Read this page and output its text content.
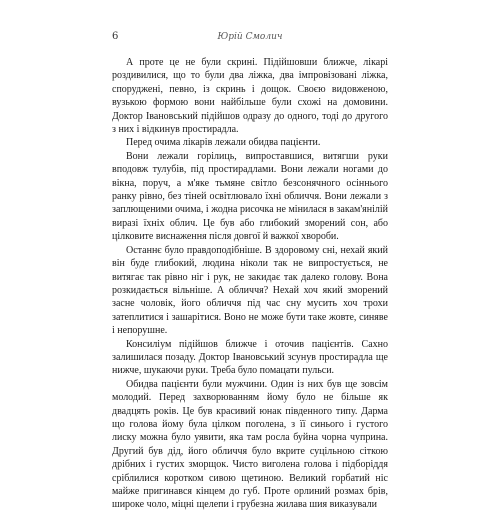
6	Юрій Смолич

А проте це не були скрині. Підійшовши ближче, лікарі роздивилися, що то були два ліжка, два імпровізовані ліжка, споруджені, певно, із скринь і дощок. Своєю видовженою, вузькою формою вони найбільше були схожі на домовини. Доктор Івановський підійшов одразу до одного, тоді до другого з них і відкинув простирадла.

Перед очима лікарів лежали обидва пацієнти.

Вони лежали горілиць, випроставшися, витягши руки вподовж тулубів, під простирадлами. Вони лежали ногами до вікна, поруч, а м'яке тьмяне світло безсонячного осіннього ранку рівно, без тіней освітлювало їхні обличчя. Вони лежали з заплющеними очима, і жодна рисочка не мінилася в закам'янілій виразі їхніх облич. Це був або глибокий зморений сон, або цілковите виснаження після довгої й важкої хвороби.

Останнє було правдоподібніше. В здоровому сні, нехай який він буде глибокий, людина ніколи так не випростується, не витягає так рівно ніг і рук, не закидає так далеко голову. Вона розкидається вільніше. А обличчя? Нехай хоч який зморений засне чоловік, його обличчя під час сну мусить хоч трохи затеплитися і зашарітися. Воно не може бути таке жовте, синяве і непорушне.

Консиліум підійшов ближче і оточив пацієнтів. Сахно залишилася позаду. Доктор Івановський зсунув простирадла ще нижче, шукаючи руки. Треба було помацати пульси.

Обидва пацієнти були мужчини. Один із них був ще зовсім молодий. Перед захворюванням йому було не більше як двадцять років. Це був красивий юнак південного типу. Дарма що голова йому була цілком поголена, з її синього і густого лиску можна було уявити, яка там росла буйна чорна чуприна. Другий був дід, його обличчя було вкрите суцільною сіткою дрібних і густих зморщок. Чисто виголена голова і підборіддя сріблилися коротком сивою щетиною. Великий горбатий ніс майже пригинався кінцем до губ. Проте орлиний розмах брів, широке чоло, міцні щелепи і грубезна жилава шия виказували
